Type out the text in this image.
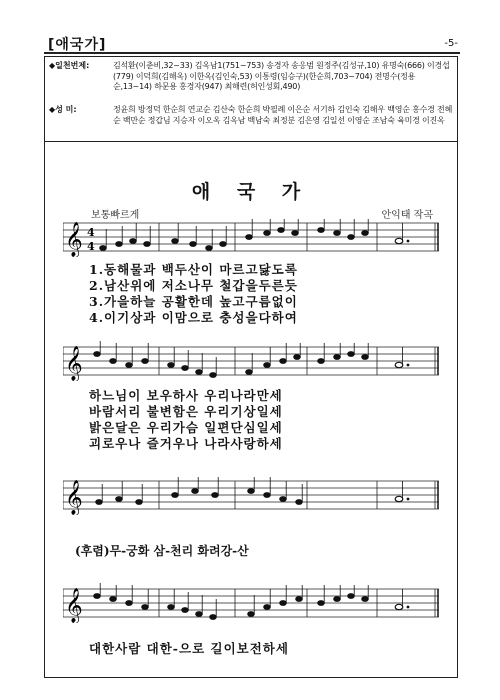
[애국가]	-5-
◆일천번제:	김석환(이춘비,32~33) 김옥남1(751~753) 송경자 송응범 원정주(김성규,10) 유명숙(666) 이경섭(779) 이덕희(김해옥) 이한옥(김인숙,53) 이통령(임승구)(한순희,703~704) 전명수(정용순,13~14) 하문용 홍경자(947) 최해련(허인성회,490)
◆성 미:	정윤희 방정덕 한순희 연교순 김산숙 한순희 박필례 이은순 서기하 김인숙 김해우 백영순 홍수경 전혜순 백만순 정갑님 지승자 이오옥 김옥남 백남숙 최정분 김은영 김일선 이영순 조남숙 육미경 이진옥
애 국 가
보통빠르게	안익태 작곡
𝄞 4
4
1.동해물과 백두산이 마르고닳도록
2.남산위에 저소나무 철갑을두른듯
3.가을하늘 공활한데 높고구름없이
4.이기상과 이맘으로 충성을다하여
𝄞
하느님이 보우하사 우리나라만세
바람서리 불변함은 우리기상일세
밝은달은 우리가슴 일편단심일세
괴로우나 즐거우나 나라사랑하세
𝄞
(후렴)무-궁화 삼-천리 화려강-산
𝄞
대한사람 대한-으로 길이보전하세
